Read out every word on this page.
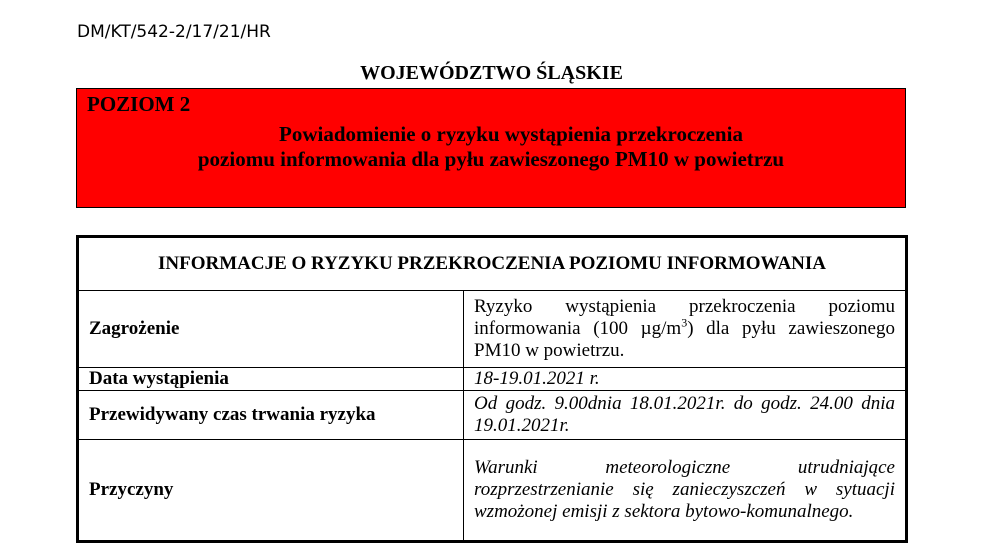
DM/KT/542-2/17/21/HR
WOJEWÓDZTWO ŚLĄSKIE
POZIOM 2
Powiadomienie o ryzyku wystąpienia przekroczenia
poziomu informowania dla pyłu zawieszonego PM10 w powietrzu
INFORMACJE O RYZYKU PRZEKROCZENIA POZIOMU INFORMOWANIA	
Zagrożenie	Ryzyko wystąpienia przekroczenia poziomu informowania (100 $\mu g/m^3$) dla pyłu zawieszonego PM10 w powietrzu.
Data wystąpienia	18-19.01.2021 r.
Przewidywany czas trwania ryzyka	Od godz. 9.00dnia 18.01.2021r. do godz. 24.00 dnia 19.01.2021r.
Przyczyny	Warunki meteorologiczne utrudniające rozprzestrzenianie się zanieczyszczeń w sytuacji wzmożonej emisji z sektora bytowo-komunalnego.
